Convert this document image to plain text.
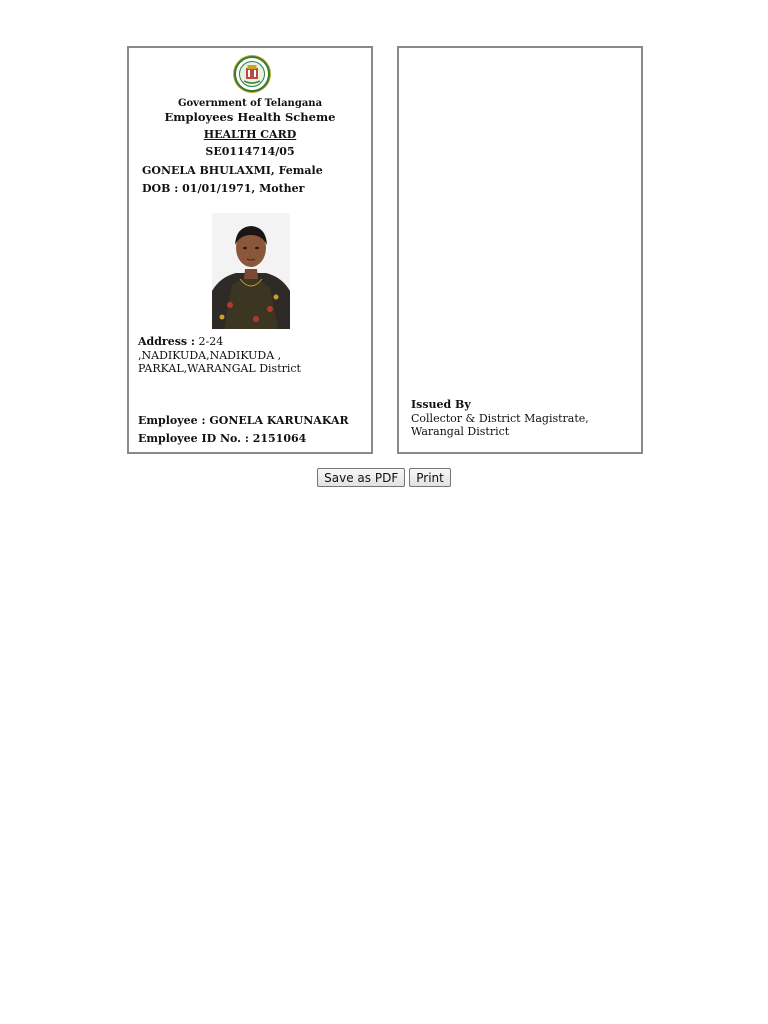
Government of Telangana
Employees Health Scheme
HEALTH CARD
SE0114714/05
GONELA BHULAXMI, Female
DOB : 01/01/1971, Mother
Address : 2-24
,NADIKUDA,NADIKUDA ,
PARKAL,WARANGAL District
Employee : GONELA KARUNAKAR
Employee ID No. : 2151064
Issued By
Collector & District Magistrate,
Warangal District
Save as PDF Print
